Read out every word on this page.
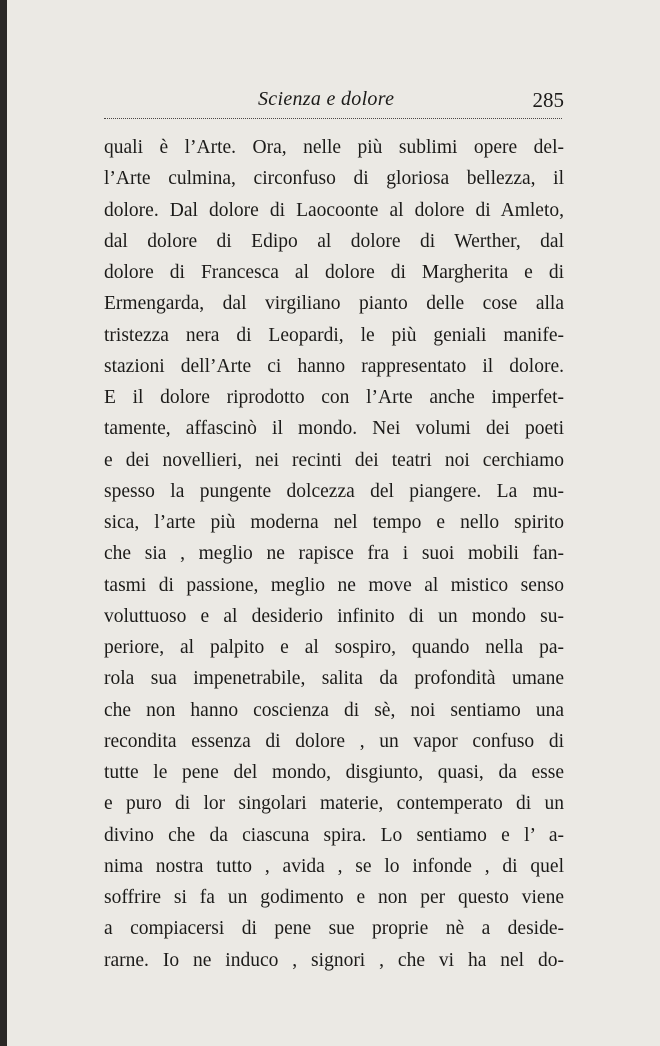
Scienza e dolore	285
quali è l’Arte. Ora, nelle più sublimi opere del-
l’Arte culmina, circonfuso di gloriosa bellezza, il
dolore. Dal dolore di Laocoonte al dolore di Amleto,
dal dolore di Edipo al dolore di Werther, dal
dolore di Francesca al dolore di Margherita e di
Ermengarda, dal virgiliano pianto delle cose alla
tristezza nera di Leopardi, le più geniali manife-
stazioni dell’Arte ci hanno rappresentato il dolore.
E il dolore riprodotto con l’Arte anche imperfet-
tamente, affascinò il mondo. Nei volumi dei poeti
e dei novellieri, nei recinti dei teatri noi cerchiamo
spesso la pungente dolcezza del piangere. La mu-
sica, l’arte più moderna nel tempo e nello spirito
che sia , meglio ne rapisce fra i suoi mobili fan-
tasmi di passione, meglio ne move al mistico senso
voluttuoso e al desiderio infinito di un mondo su-
periore, al palpito e al sospiro, quando nella pa-
rola sua impenetrabile, salita da profondità umane
che non hanno coscienza di sè, noi sentiamo una
recondita essenza di dolore , un vapor confuso di
tutte le pene del mondo, disgiunto, quasi, da esse
e puro di lor singolari materie, contemperato di un
divino che da ciascuna spira. Lo sentiamo e l’ a-
nima nostra tutto , avida , se lo infonde , di quel
soffrire si fa un godimento e non per questo viene
a compiacersi di pene sue proprie nè a deside-
rarne. Io ne induco , signori , che vi ha nel do-
